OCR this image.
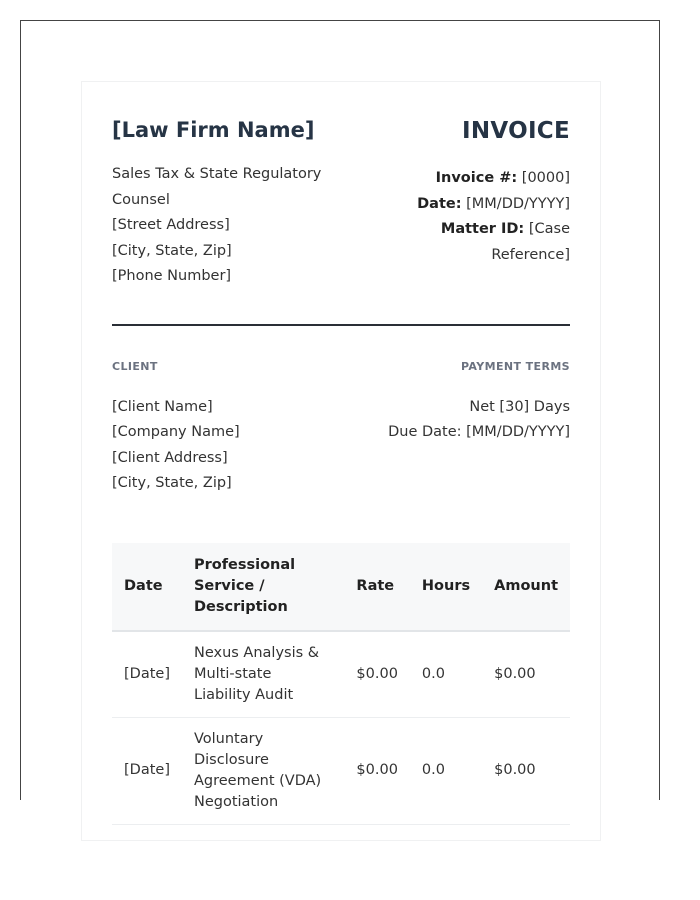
[Law Firm Name]	INVOICE
Sales Tax & State Regulatory
Counsel
[Street Address]
[City, State, Zip]
[Phone Number]
Invoice #: [0000]
Date: [MM/DD/YYYY]
Matter ID: [Case
Reference]
CLIENT	PAYMENT TERMS
[Client Name]
[Company Name]
[Client Address]
[City, State, Zip]
Net [30] Days
Due Date: [MM/DD/YYYY]
Date	Professional Service / Description	Rate	Hours	Amount
[Date]	Nexus Analysis & Multi-state Liability Audit	$0.00	0.0	$0.00
[Date]	Voluntary Disclosure Agreement (VDA) Negotiation	$0.00	0.0	$0.00
